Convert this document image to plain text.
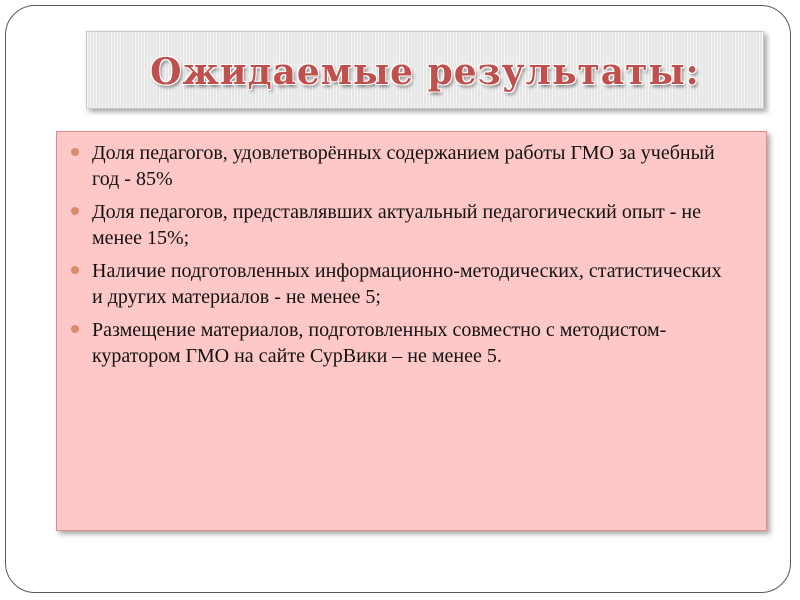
Ожидаемые результаты:
Доля педагогов, удовлетворённых содержанием работы ГМО за учебный год - 85%
Доля педагогов, представлявших актуальный педагогический опыт - не менее 15%;
Наличие подготовленных информационно-методических, статистических и других материалов - не менее 5;
Размещение материалов, подготовленных совместно с методистом-куратором ГМО на сайте СурВики – не менее 5.
